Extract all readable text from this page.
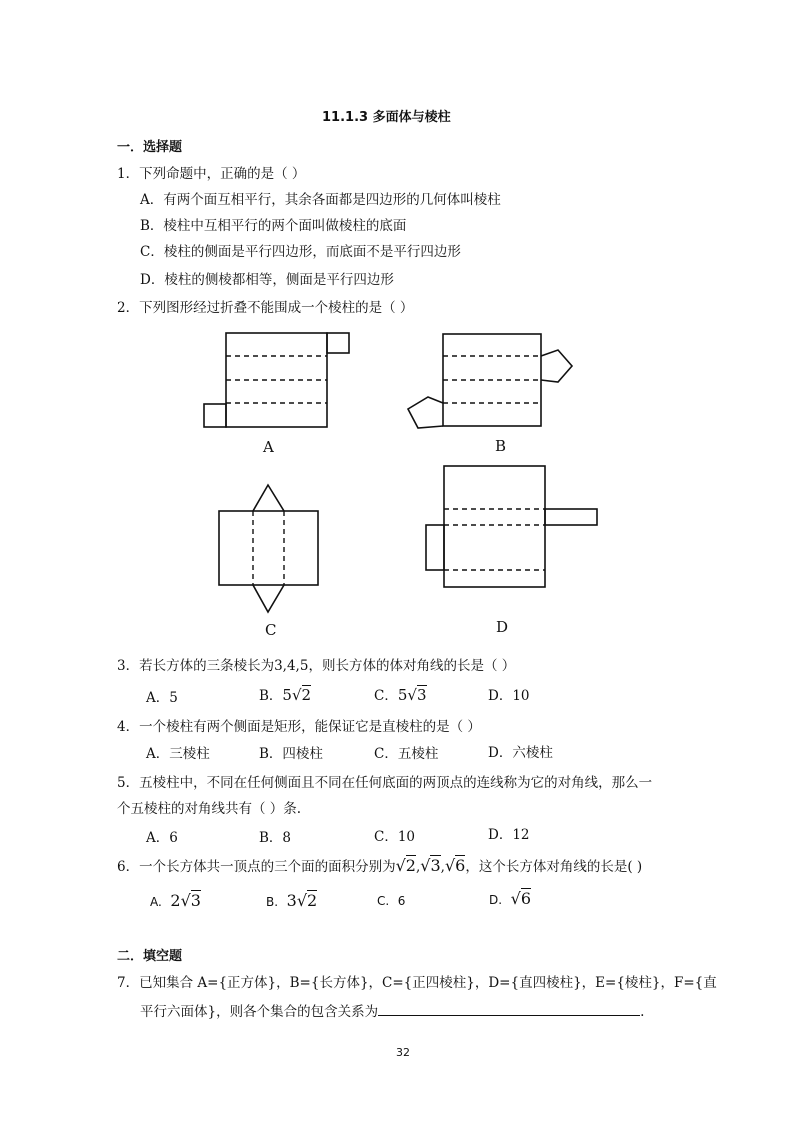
11.1.3 多面体与棱柱
一．选择题
1．下列命题中，正确的是（ ）
A．有两个面互相平行，其余各面都是四边形的几何体叫棱柱
B．棱柱中互相平行的两个面叫做棱柱的底面
C．棱柱的侧面是平行四边形，而底面不是平行四边形
D．棱柱的侧棱都相等，侧面是平行四边形
2．下列图形经过折叠不能围成一个棱柱的是（ ）
A	B
C	D
3．若长方体的三条棱长为3,4,5，则长方体的体对角线的长是（ ）
A．5	B．5√2	C．5√3	D．10
4．一个棱柱有两个侧面是矩形，能保证它是直棱柱的是（ ）
A．三棱柱	B．四棱柱	C．五棱柱	D．六棱柱
5．五棱柱中，不同在任何侧面且不同在任何底面的两顶点的连线称为它的对角线，那么一
个五棱柱的对角线共有（ ）条.
A．6	B．8	C．10	D．12
6．一个长方体共一顶点的三个面的面积分别为√2,√3,√6，这个长方体对角线的长是( )
A. 2√3	B. 3√2	C. 6	D. √6
二．填空题
7．已知集合 A={正方体}，B={长方体}，C={正四棱柱}，D={直四棱柱}，E={棱柱}，F={直
平行六面体}，则各个集合的包含关系为	.
32
